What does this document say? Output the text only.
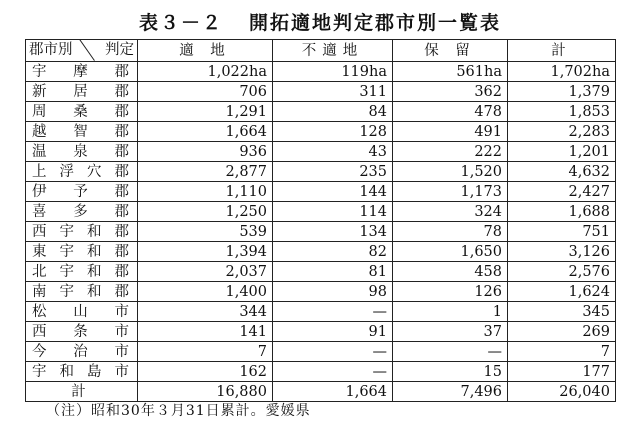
表３－２ 開拓適地判定郡市別一覧表
郡市別 判定	適 地	不適地	保 留	計
宇摩郡	1,022ha	119ha	561ha	1,702ha
新居郡	706	311	362	1,379
周桑郡	1,291	84	478	1,853
越智郡	1,664	128	491	2,283
温泉郡	936	43	222	1,201
上浮穴郡	2,877	235	1,520	4,632
伊予郡	1,110	144	1,173	2,427
喜多郡	1,250	114	324	1,688
西宇和郡	539	134	78	751
東宇和郡	1,394	82	1,650	3,126
北宇和郡	2,037	81	458	2,576
南宇和郡	1,400	98	126	1,624
松山市	344	—	1	345
西条市	141	91	37	269
今治市	7	—	—	7
宇和島市	162	—	15	177
計	16,880	1,664	7,496	26,040
（注）昭和30年３月31日累計。愛媛県
